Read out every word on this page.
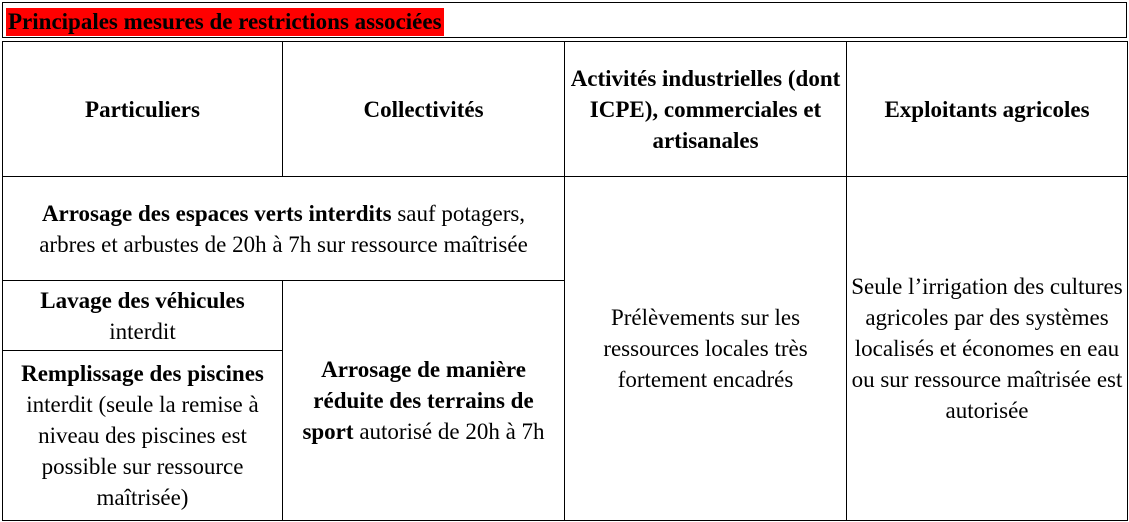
Principales mesures de restrictions associées
Particuliers	Collectivités	Activités industrielles (dont ICPE), commerciales et artisanales	Exploitants agricoles
Arrosage des espaces verts interdits sauf potagers, arbres et arbustes de 20h à 7h sur ressource maîtrisée		Prélèvements sur les ressources locales très fortement encadrés	Seule l’irrigation des cultures agricoles par des systèmes localisés et économes en eau ou sur ressource maîtrisée est autorisée
Lavage des véhicules interdit	Arrosage de manière réduite des terrains de sport autorisé de 20h à 7h		
Remplissage des piscines interdit (seule la remise à niveau des piscines est possible sur ressource maîtrisée)			
